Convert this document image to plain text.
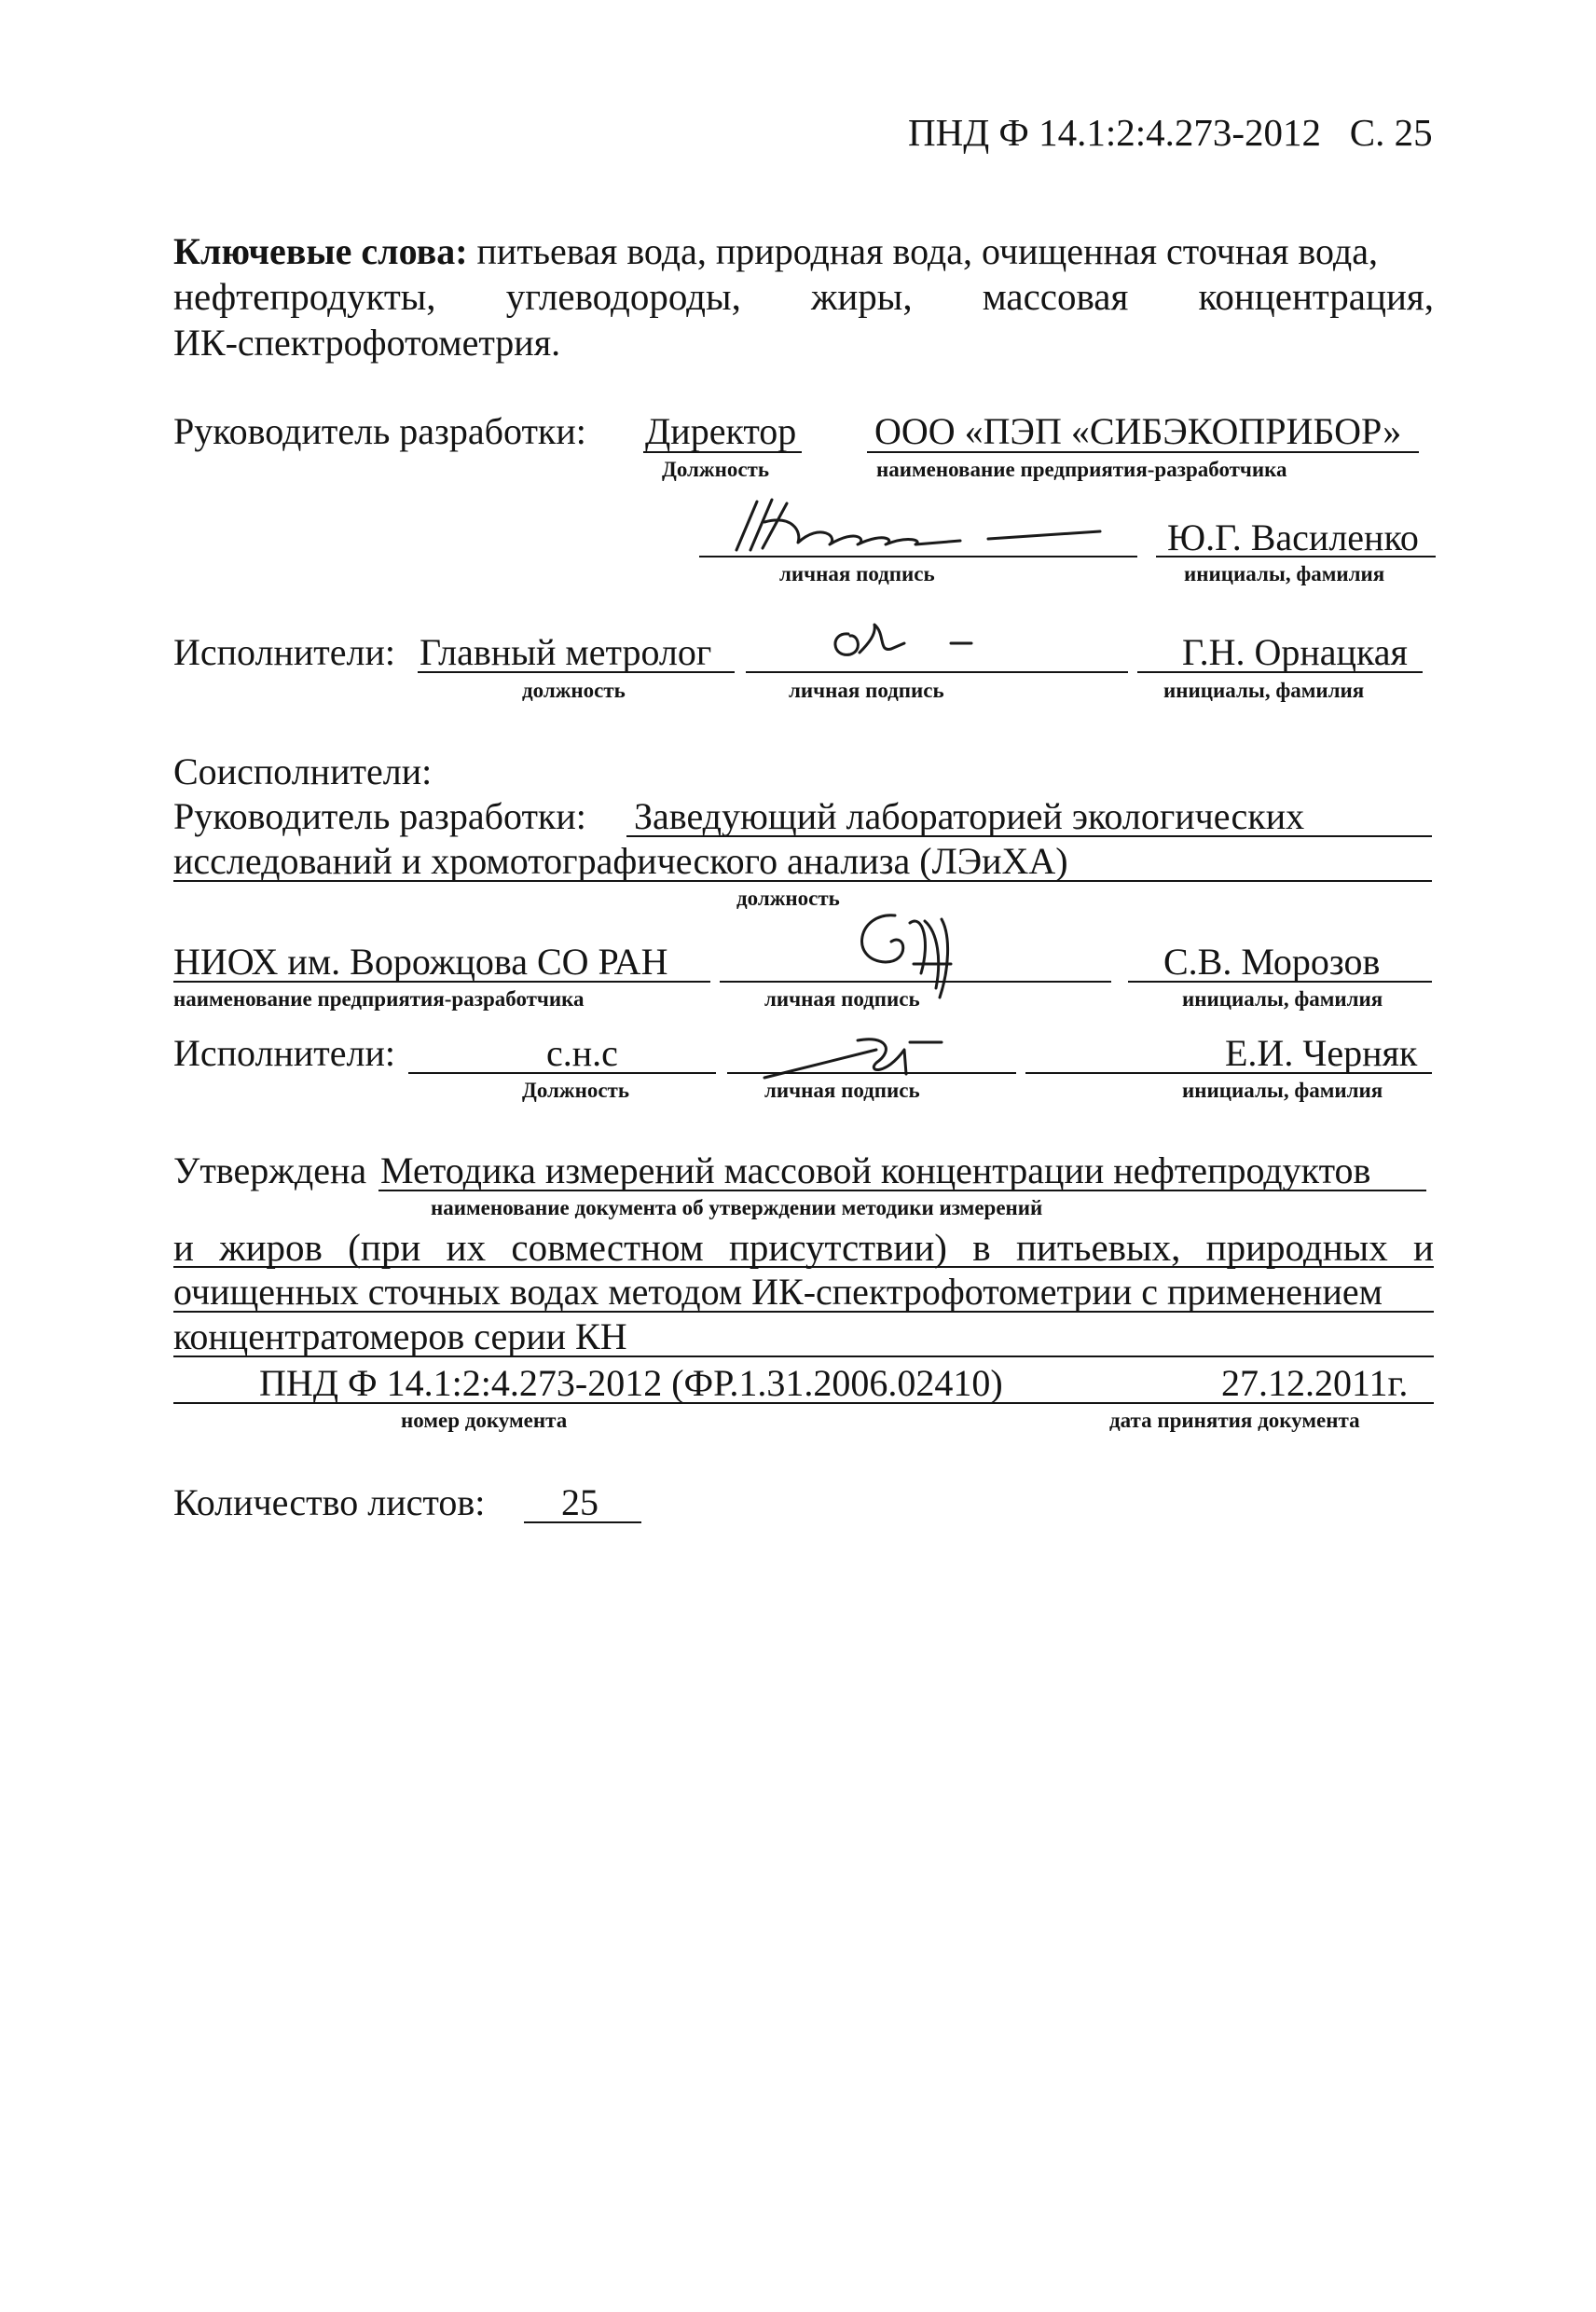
ПНД Ф 14.1:2:4.273-2012 С. 25
Ключевые слова: питьевая вода, природная вода, очищенная сточная вода,
нефтепродукты, углеводороды, жиры, массовая концентрация,
ИК-спектрофотометрия.
Руководитель разработки: Директор ООО «ПЭП «СИБЭКОПРИБОР»
Должность	наименование предприятия-разработчика
Ю.Г. Василенко
личная подпись	инициалы, фамилия
Исполнители: Главный метролог	Г.Н. Орнацкая
должность	личная подпись	инициалы, фамилия
Соисполнители:
Руководитель разработки: Заведующий лабораторией экологических
исследований и хромотографического анализа (ЛЭиХА)
должность
НИОХ им. Ворожцова СО РАН	С.В. Морозов
наименование предприятия-разработчика	личная подпись	инициалы, фамилия
Исполнители:	с.н.с	Е.И. Черняк
Должность	личная подпись	инициалы, фамилия
Утверждена Методика измерений массовой концентрации нефтепродуктов
наименование документа об утверждении методики измерений
и жиров (при их совместном присутствии) в питьевых, природных и
очищенных сточных водах методом ИК-спектрофотометрии с применением
концентратомеров серии КН
ПНД Ф 14.1:2:4.273-2012 (ФР.1.31.2006.02410)	27.12.2011г.
номер документа	дата принятия документа
Количество листов: 25
